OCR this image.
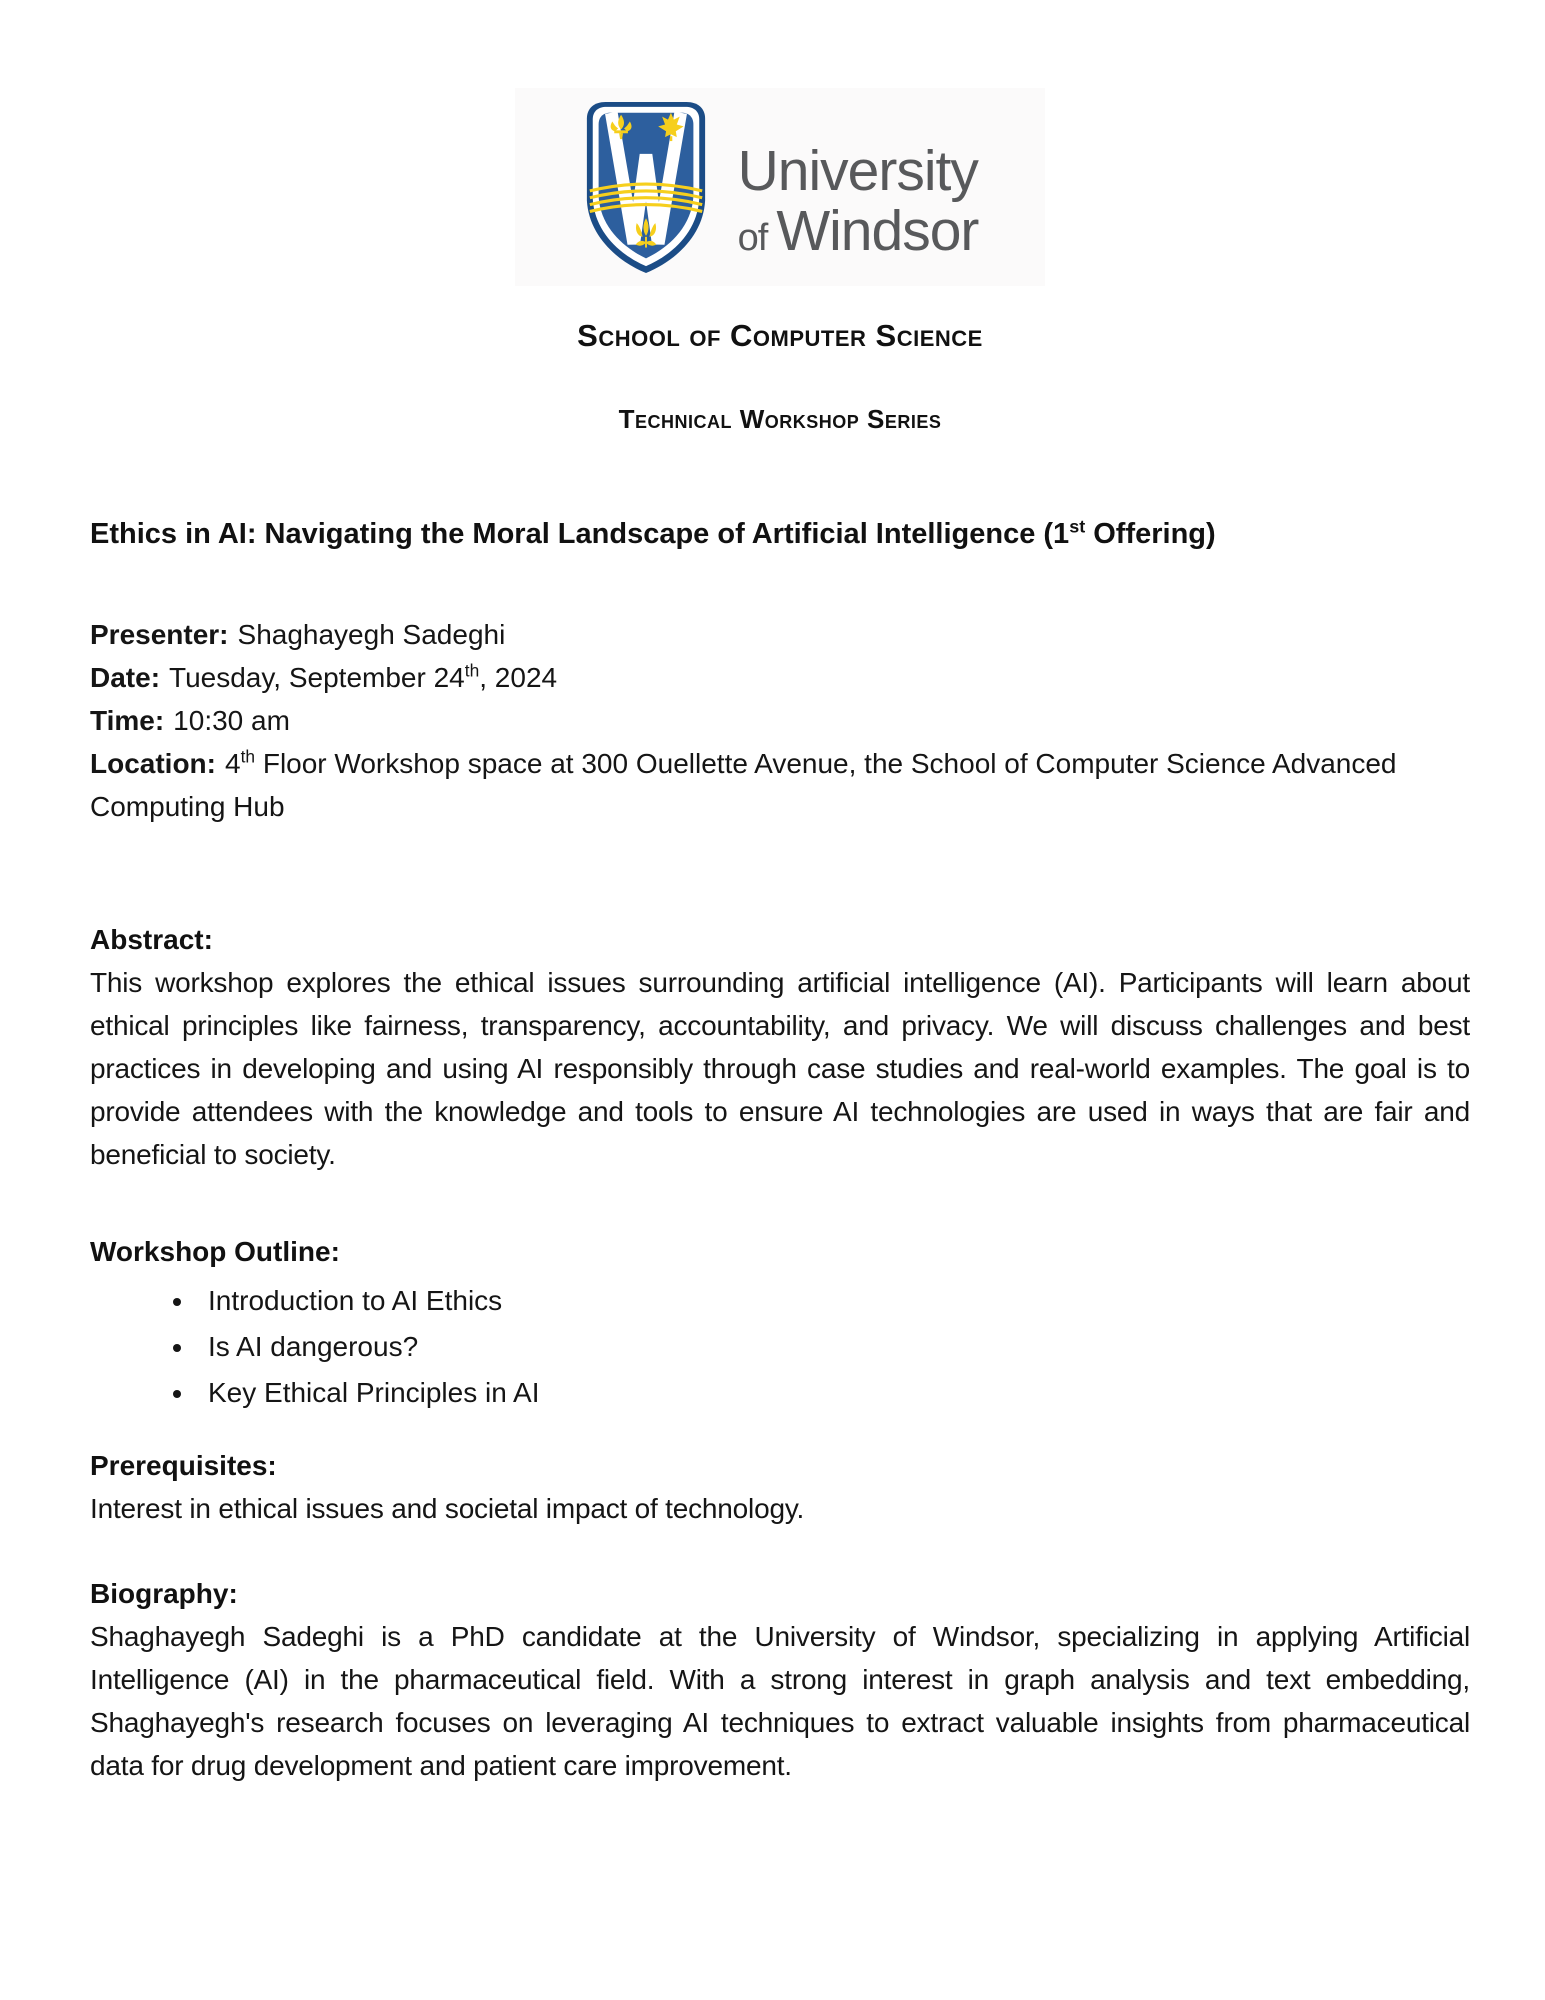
University
of Windsor
School of Computer Science
Technical Workshop Series
Ethics in AI: Navigating the Moral Landscape of Artificial Intelligence (1st Offering)

Presenter: Shaghayegh Sadeghi

Date: Tuesday, September 24th, 2024

Time: 10:30 am

Location: 4th Floor Workshop space at 300 Ouellette Avenue, the School of Computer Science Advanced Computing Hub

Abstract:

This workshop explores the ethical issues surrounding artificial intelligence (AI). Participants will learn about ethical principles like fairness, transparency, accountability, and privacy. We will discuss challenges and best practices in developing and using AI responsibly through case studies and real-world examples. The goal is to provide attendees with the knowledge and tools to ensure AI technologies are used in ways that are fair and beneficial to society.

Workshop Outline:

• Introduction to AI Ethics
• Is AI dangerous?
• Key Ethical Principles in AI

Prerequisites:

Interest in ethical issues and societal impact of technology.

Biography:

Shaghayegh Sadeghi is a PhD candidate at the University of Windsor, specializing in applying Artificial Intelligence (AI) in the pharmaceutical field. With a strong interest in graph analysis and text embedding, Shaghayegh's research focuses on leveraging AI techniques to extract valuable insights from pharmaceutical data for drug development and patient care improvement.
